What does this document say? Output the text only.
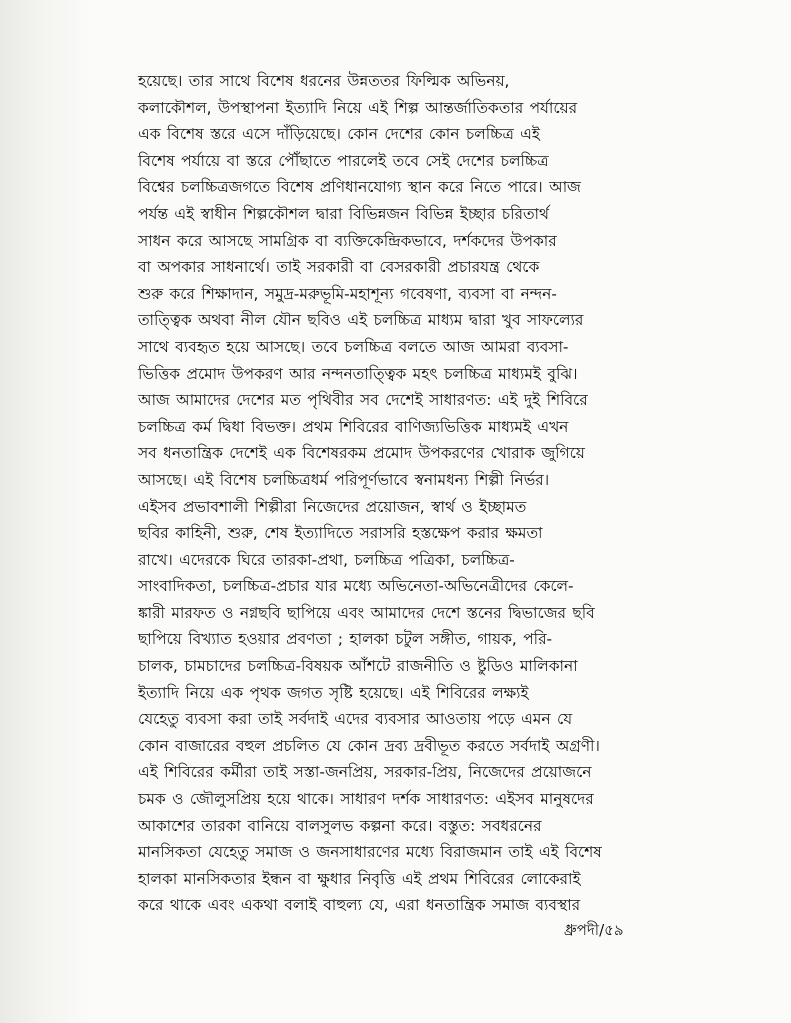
হয়েছে। তার সাথে বিশেষ ধরনের উন্নততর ফিল্মিক অভিনয়,
কলাকৌশল, উপস্থাপনা ইত্যাদি নিয়ে এই শিল্প আন্তর্জাতিকতার পর্যায়ের
এক বিশেষ স্তরে এসে দাঁড়িয়েছে। কোন দেশের কোন চলচ্চিত্র এই
বিশেষ পর্যায়ে বা স্তরে পৌঁছাতে পারলেই তবে সেই দেশের চলচ্চিত্র
বিশ্বের চলচ্চিত্রজগতে বিশেষ প্রণিধানযোগ্য স্থান করে নিতে পারে। আজ
পর্যন্ত এই স্বাধীন শিল্পকৌশল দ্বারা বিভিন্নজন বিভিন্ন ইচ্ছার চরিতার্থ
সাধন করে আসছে সামগ্রিক বা ব্যক্তিকেন্দ্রিকভাবে, দর্শকদের উপকার
বা অপকার সাধনার্থে। তাই সরকারী বা বেসরকারী প্রচারযন্ত্র থেকে
শুরু করে শিক্ষাদান, সমুদ্র-মরুভূমি-মহাশূন্য গবেষণা, ব্যবসা বা নন্দন-
তাত্ত্বিক অথবা নীল যৌন ছবিও এই চলচ্চিত্র মাধ্যম দ্বারা খুব সাফল্যের
সাথে ব্যবহৃত হয়ে আসছে। তবে চলচ্চিত্র বলতে আজ আমরা ব্যবসা-
ভিত্তিক প্রমোদ উপকরণ আর নন্দনতাত্ত্বিক মহৎ চলচ্চিত্র মাধ্যমই বুঝি।
আজ আমাদের দেশের মত পৃথিবীর সব দেশেই সাধারণত: এই দুই শিবিরে
চলচ্চিত্র কর্ম দ্বিধা বিভক্ত। প্রথম শিবিরের বাণিজ্যভিত্তিক মাধ্যমই এখন
সব ধনতান্ত্রিক দেশেই এক বিশেষরকম প্রমোদ উপকরণের খোরাক জুগিয়ে
আসছে। এই বিশেষ চলচ্চিত্রধর্ম পরিপূর্ণভাবে স্বনামধন্য শিল্পী নির্ভর।
এইসব প্রভাবশালী শিল্পীরা নিজেদের প্রয়োজন, স্বার্থ ও ইচ্ছামত
ছবির কাহিনী, শুরু, শেষ ইত্যাদিতে সরাসরি হস্তক্ষেপ করার ক্ষমতা
রাখে। এদেরকে ঘিরে তারকা-প্রথা, চলচ্চিত্র পত্রিকা, চলচ্চিত্র-
সাংবাদিকতা, চলচ্চিত্র-প্রচার যার মধ্যে অভিনেতা-অভিনেত্রীদের কেলে-
ঙ্কারী মারফত ও নগ্নছবি ছাপিয়ে এবং আমাদের দেশে স্তনের দ্বিভাজের ছবি
ছাপিয়ে বিখ্যাত হওয়ার প্রবণতা ; হালকা চটুল সঙ্গীত, গায়ক, পরি-
চালক, চামচাদের চলচ্চিত্র-বিষয়ক আঁশটে রাজনীতি ও ষ্টুডিও মালিকানা
ইত্যাদি নিয়ে এক পৃথক জগত সৃষ্টি হয়েছে। এই শিবিরের লক্ষ্যই
যেহেতু ব্যবসা করা তাই সর্বদাই এদের ব্যবসার আওতায় পড়ে এমন যে
কোন বাজারের বহুল প্রচলিত যে কোন দ্রব্য দ্রবীভূত করতে সর্বদাই অগ্রণী।
এই শিবিরের কর্মীরা তাই সস্তা-জনপ্রিয়, সরকার-প্রিয়, নিজেদের প্রয়োজনে
চমক ও জৌলুসপ্রিয় হয়ে থাকে। সাধারণ দর্শক সাধারণত: এইসব মানুষদের
আকাশের তারকা বানিয়ে বালসুলভ কল্পনা করে। বস্তুত: সবধরনের
মানসিকতা যেহেতু সমাজ ও জনসাধারণের মধ্যে বিরাজমান তাই এই বিশেষ
হালকা মানসিকতার ইন্ধন বা ক্ষুধার নিবৃত্তি এই প্রথম শিবিরের লোকেরাই
করে থাকে এবং একথা বলাই বাহুল্য যে, এরা ধনতান্ত্রিক সমাজ ব্যবস্থার
ধ্রুপদী/৫৯
